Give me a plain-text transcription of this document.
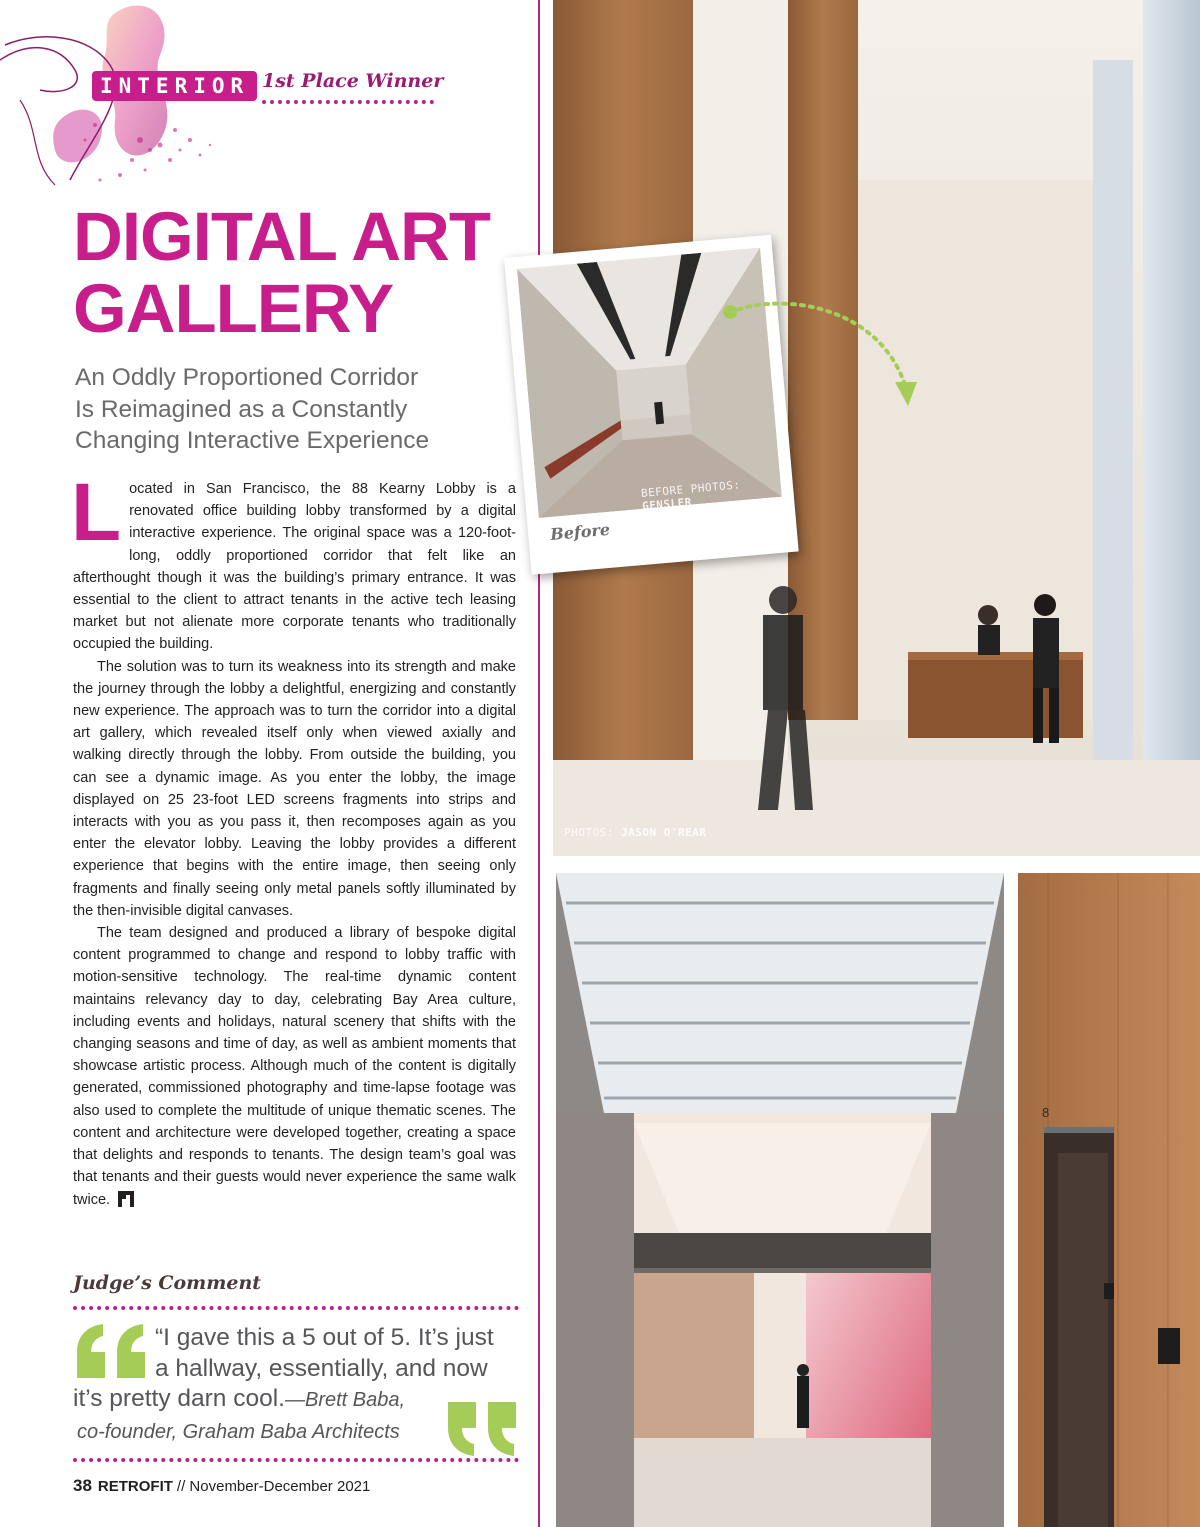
INTERIOR 1st Place Winner
DIGITAL ART
GALLERY
An Oddly Proportioned Corridor
Is Reimagined as a Constantly
Changing Interactive Experience

Located in San Francisco, the 88 Kearny Lobby is a renovated office building lobby transformed by a digital interactive experience. The original space was a 120-foot-long, oddly proportioned corridor that felt like an afterthought though it was the building’s primary entrance. It was essential to the client to attract tenants in the active tech leasing market but not alienate more corporate tenants who traditionally occupied the building.

The solution was to turn its weakness into its strength and make the journey through the lobby a delightful, energizing and constantly new experience. The approach was to turn the corridor into a digital art gallery, which revealed itself only when viewed axially and walking directly through the lobby. From outside the building, you can see a dynamic image. As you enter the lobby, the image displayed on 25 23-foot LED screens fragments into strips and interacts with you as you pass it, then recomposes again as you enter the elevator lobby. Leaving the lobby provides a different experience that begins with the entire image, then seeing only fragments and finally seeing only metal panels softly illuminated by the then-invisible digital canvases.

The team designed and produced a library of bespoke digital content programmed to change and respond to lobby traffic with motion-sensitive technology. The real-time dynamic content maintains relevancy day to day, celebrating Bay Area culture, including events and holidays, natural scenery that shifts with the changing seasons and time of day, as well as ambient moments that showcase artistic process. Although much of the content is digitally generated, commissioned photography and time-lapse footage was also used to complete the multitude of unique thematic scenes. The content and architecture were developed together, creating a space that delights and responds to tenants. The design team’s goal was that tenants and their guests would never experience the same walk twice.

Judge’s Comment

“I gave this a 5 out of 5. It’s just
a hallway, essentially, and now
it’s pretty darn cool.—Brett Baba,
co-founder, Graham Baba Architects

38 RETROFIT // November-December 2021
PHOTOS: JASON O'REAR
BEFORE PHOTOS: GENSLER
Before
8
